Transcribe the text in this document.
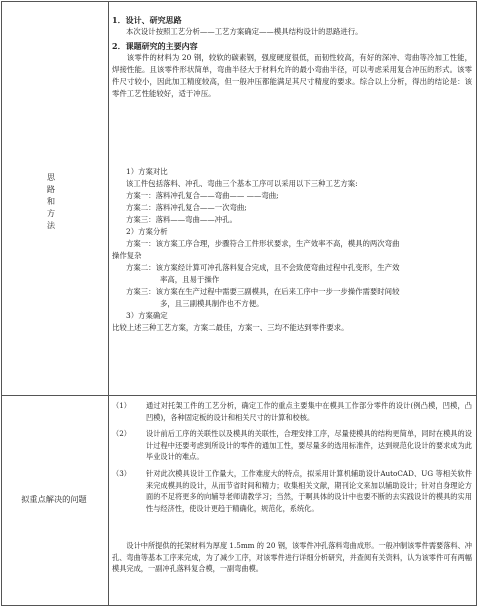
思
路
和
方
法
拟重点解决的问题

1．设计、研究思路

本次设计按照工艺分析——工艺方案确定——模具结构设计的思路进行。

2．课题研究的主要内容

该零件的材料为 20 钢，较软的碳素钢，强度硬度很低，而韧性较高，有好的深冲、弯曲等冷加工性能，焊接性能。且该零件形状简单，弯曲半径大于材料允许的最小弯曲半径，可以考虑采用复合冲压的形式。该零件尺寸较小，因此加工精度较高，但一般冲压都能满足其尺寸精度的要求。综合以上分析，得出的结论是：该零件工艺性能较好，适于冲压。

1）方案对比

该工件包括落料、冲孔、弯曲三个基本工序可以采用以下三种工艺方案:

方案一：落料冲孔复合——弯曲—— ——弯曲;

方案二：落料冲孔复合——一次弯曲;

方案三：落料——弯曲——冲孔。

2）方案分析

方案一：该方案工序合理，步骤符合工件形状要求，生产效率不高，模具的两次弯曲

操作复杂

方案二：该方案经计算可冲孔落料复合完成，且不会致使弯曲过程中孔变形，生产效

率高，且易于操作

方案三：该方案在生产过程中需要三副模具，在后来工序中一步一步操作需要时间较

多，且三副模具制作也不方便。

3）方案确定

比较上述三种工艺方案，方案二最佳，方案一、三均不能达到零件要求。

（1） 通过对托架工件的工艺分析，确定工作的重点主要集中在模具工作部分零件的设计(例凸模，凹模，凸凹模)，各种固定板的设计和相关尺寸的计算和校核。
（2） 设计前后工序的关联性以及模具的关联性，合理安排工序，尽量使模具的结构更简单，同时在模具的设计过程中还要考虑到所设计的零件的通加工性，要尽量多的选用标准件，达到规范化设计的要求成为此毕业设计的难点。
（3） 针对此次模具设计工作量大，工作难度大的特点，拟采用计算机辅助设计AutoCAD、UG 等相关软件来完成模具的设计，从而节省时间和精力；收集相关文献，期刊论文来加以辅助设计；针对自身理论方面的不足将更多的向辅导老师请教学习；当然，于啊具体的设计中也要不断的去实践设计的模具的实用性与经济性，使设计更趋于精确化，规范化，系统化。
设计中所提供的托架材料为厚度 1.5mm 的 20 钢，该零件冲孔落料弯曲成形。一般冲制该零件需要落料、冲孔、弯曲等基本工序来完成，为了减少工序，对该零件进行详细分析研究，并查阅有关资料，认为该零件可有两幅模具完成，一副冲孔落料复合模，一副弯曲模。
